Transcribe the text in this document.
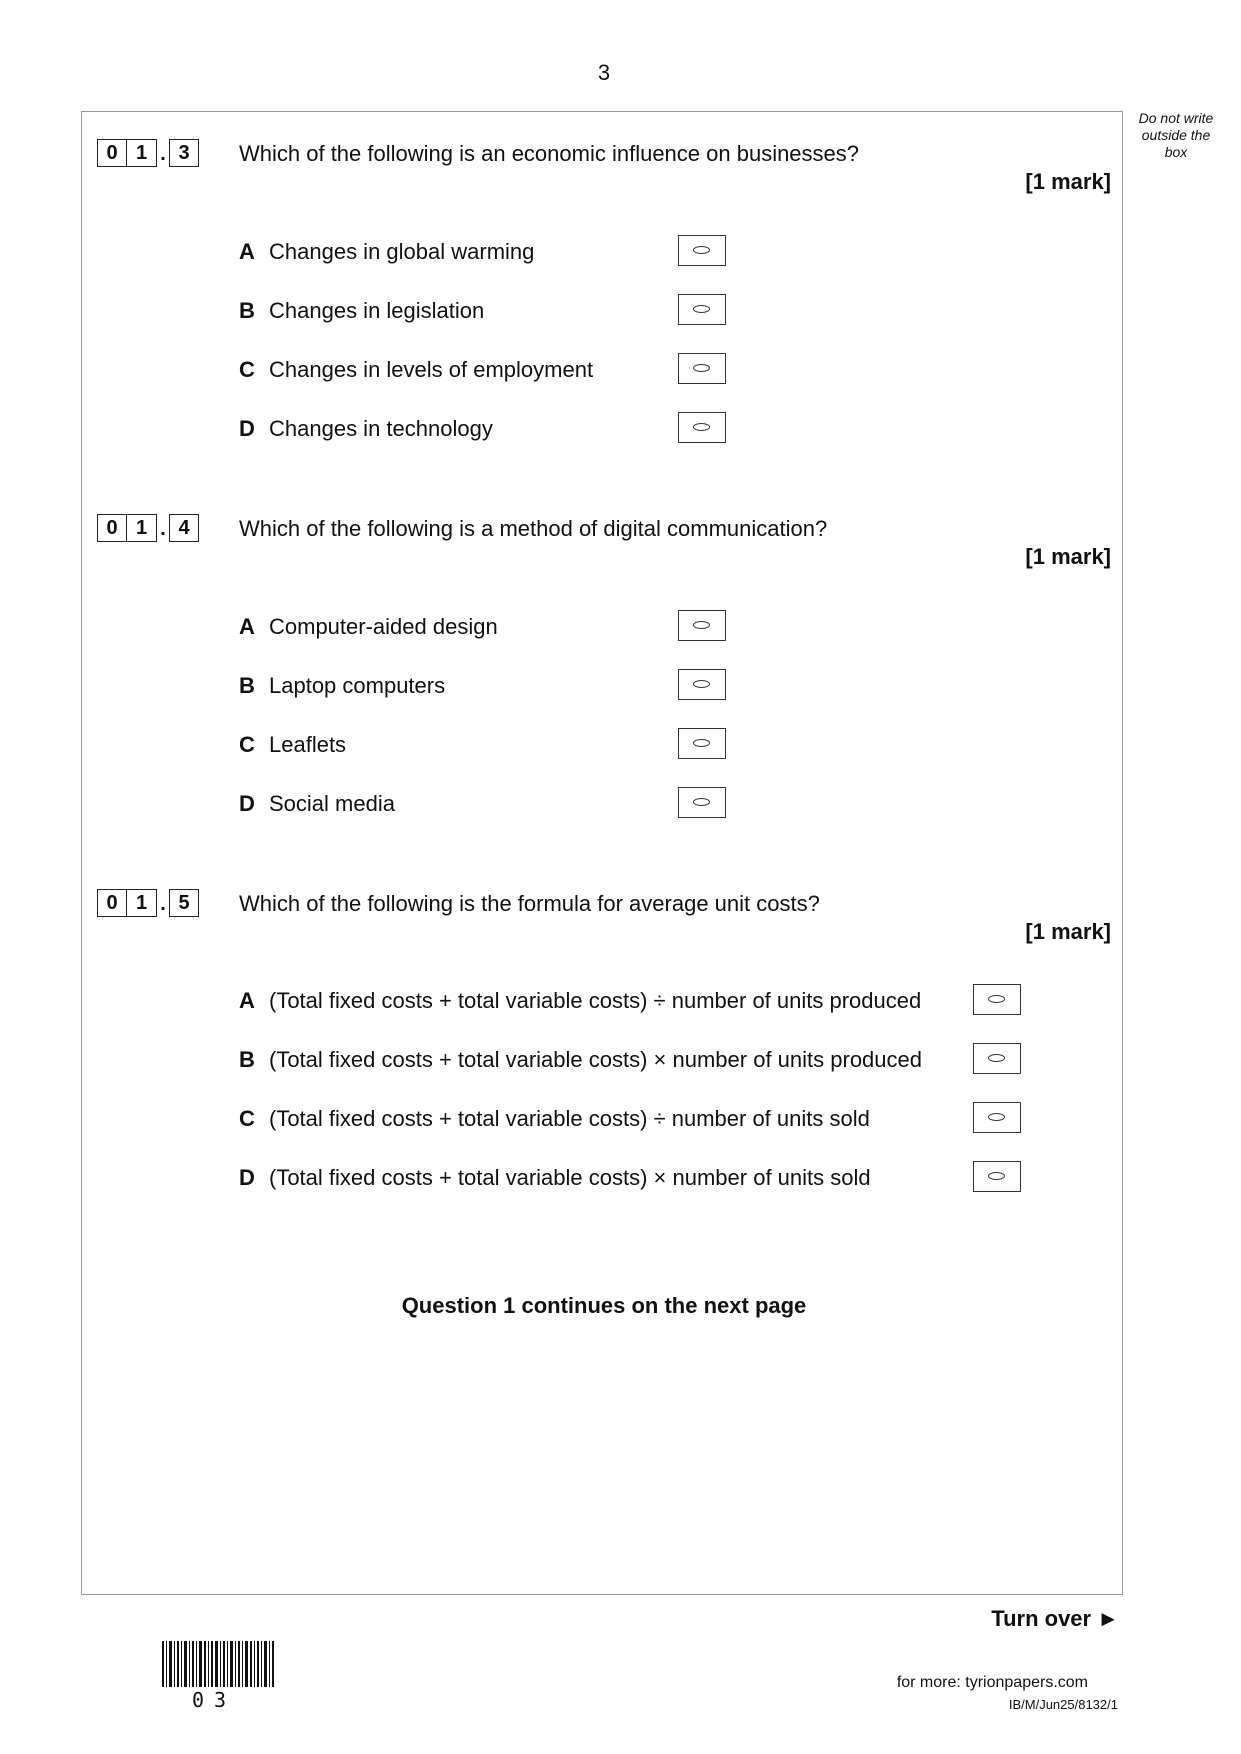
3
Do not write
outside the
box
0 1 . 3	Which of the following is an economic influence on businesses?
[1 mark]
A Changes in global warming
B Changes in legislation
C Changes in levels of employment
D Changes in technology
0 1 . 4	Which of the following is a method of digital communication?
[1 mark]
A Computer-aided design
B Laptop computers
C Leaflets
D Social media
0 1 . 5	Which of the following is the formula for average unit costs?
[1 mark]
A (Total fixed costs + total variable costs) ÷ number of units produced
B (Total fixed costs + total variable costs) × number of units produced
C (Total fixed costs + total variable costs) ÷ number of units sold
D (Total fixed costs + total variable costs) × number of units sold
Question 1 continues on the next page
Turn over ►
03
for more: tyrionpapers.com
IB/M/Jun25/8132/1
